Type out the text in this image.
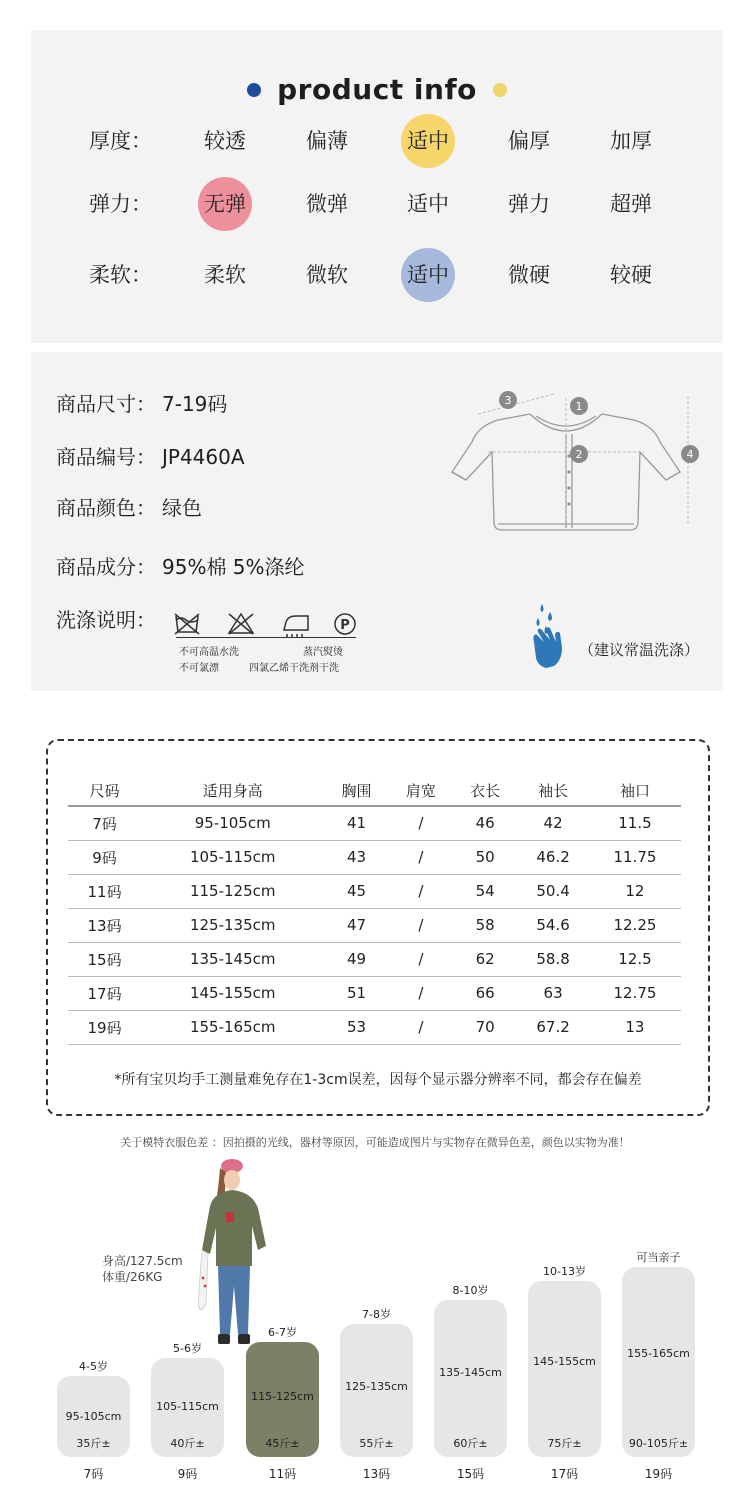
product info
厚度： 较透	偏薄	适中	偏厚	加厚
弹力： 无弹	微弹	适中	弹力	超弹
柔软： 柔软	微软	适中	微硬	较硬
商品尺寸： 7-19码
商品编号： JP4460A
商品颜色： 绿色
商品成分： 95%棉 5%涤纶
洗涤说明：	P
不可高温水洗
不可氯漂
蒸汽熨烫
四氯乙烯干洗剂干洗
3	1
2	4
（建议常温洗涤）
尺码	适用身高	胸围	肩宽	衣长	袖长	袖口
7码	95-105cm	41	/	46	42	11.5
9码	105-115cm	43	/	50	46.2	11.75
11码	115-125cm	45	/	54	50.4	12
13码	125-135cm	47	/	58	54.6	12.25
15码	135-145cm	49	/	62	58.8	12.5
17码	145-155cm	51	/	66	63	12.75
19码	155-165cm	53	/	70	67.2	13
*所有宝贝均手工测量难免存在1-3cm误差，因每个显示器分辨率不同，都会存在偏差
关于模特衣服色差 ：因拍摄的光线，器材等原因，可能造成图片与实物存在微异色差，颜色以实物为准！
身高/127.5cm
体重/26KG
95-105cm
35斤±
4-5岁
7码
105-115cm
40斤±
5-6岁
9码
115-125cm
45斤±
6-7岁
11码
125-135cm
55斤±
7-8岁
13码
135-145cm
60斤±
8-10岁
15码
145-155cm
75斤±
10-13岁
17码
155-165cm
90-105斤±
可当亲子
19码
